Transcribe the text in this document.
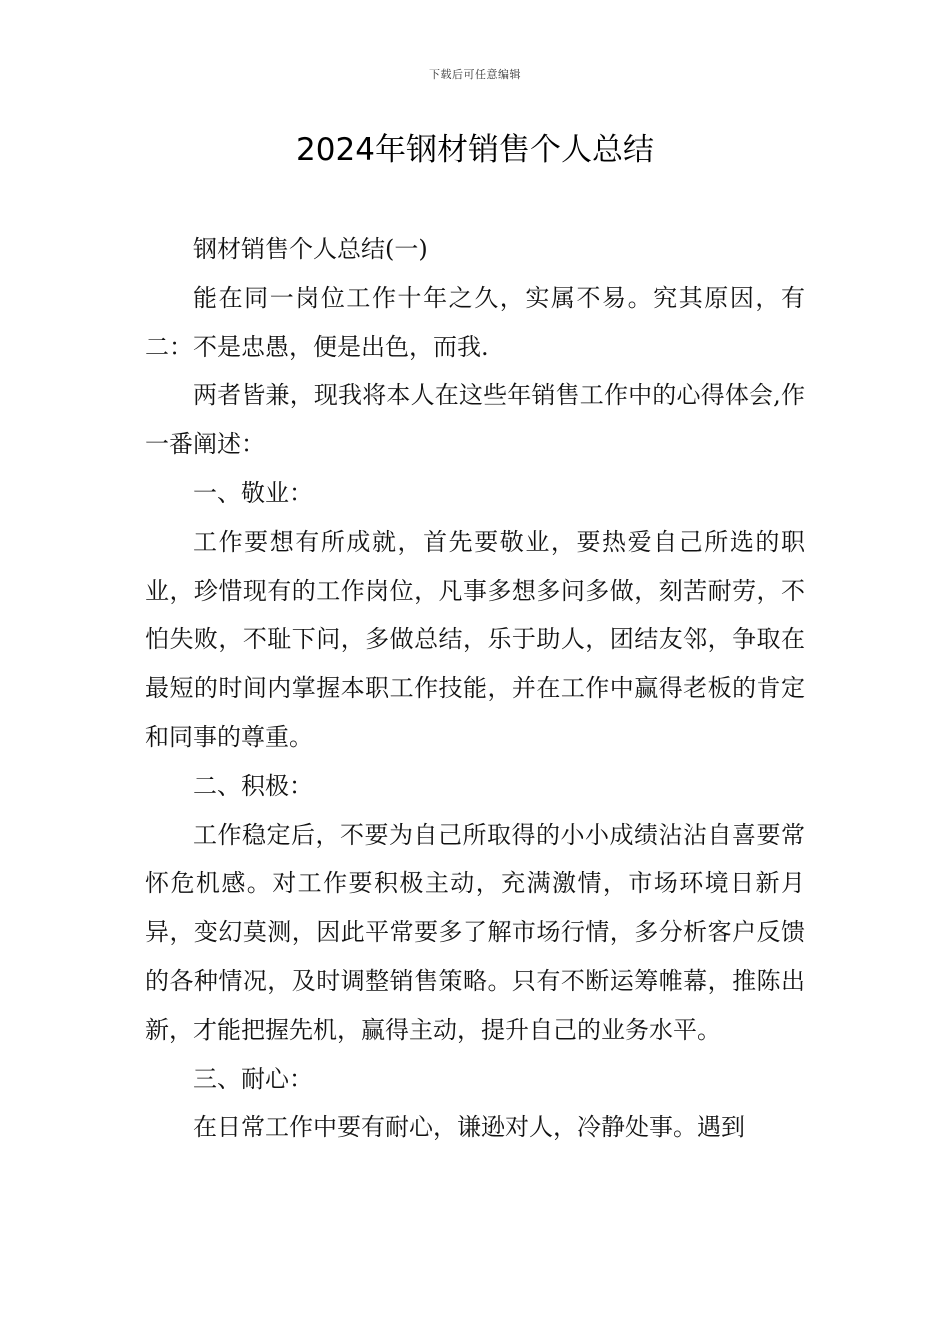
下载后可任意编辑
2024年钢材销售个人总结

钢材销售个人总结(一)

能在同一岗位工作十年之久，实属不易。究其原因，有二：不是忠愚，便是出色，而我.

两者皆兼，现我将本人在这些年销售工作中的心得体会,作一番阐述：

一、敬业：

工作要想有所成就，首先要敬业，要热爱自己所选的职业，珍惜现有的工作岗位，凡事多想多问多做，刻苦耐劳，不怕失败，不耻下问，多做总结，乐于助人，团结友邻，争取在最短的时间内掌握本职工作技能，并在工作中赢得老板的肯定和同事的尊重。

二、积极：

工作稳定后，不要为自己所取得的小小成绩沾沾自喜要常怀危机感。对工作要积极主动，充满激情，市场环境日新月异，变幻莫测，因此平常要多了解市场行情，多分析客户反馈的各种情况，及时调整销售策略。只有不断运筹帷幕，推陈出新，才能把握先机，赢得主动，提升自己的业务水平。

三、耐心：

在日常工作中要有耐心，谦逊对人，冷静处事。遇到
